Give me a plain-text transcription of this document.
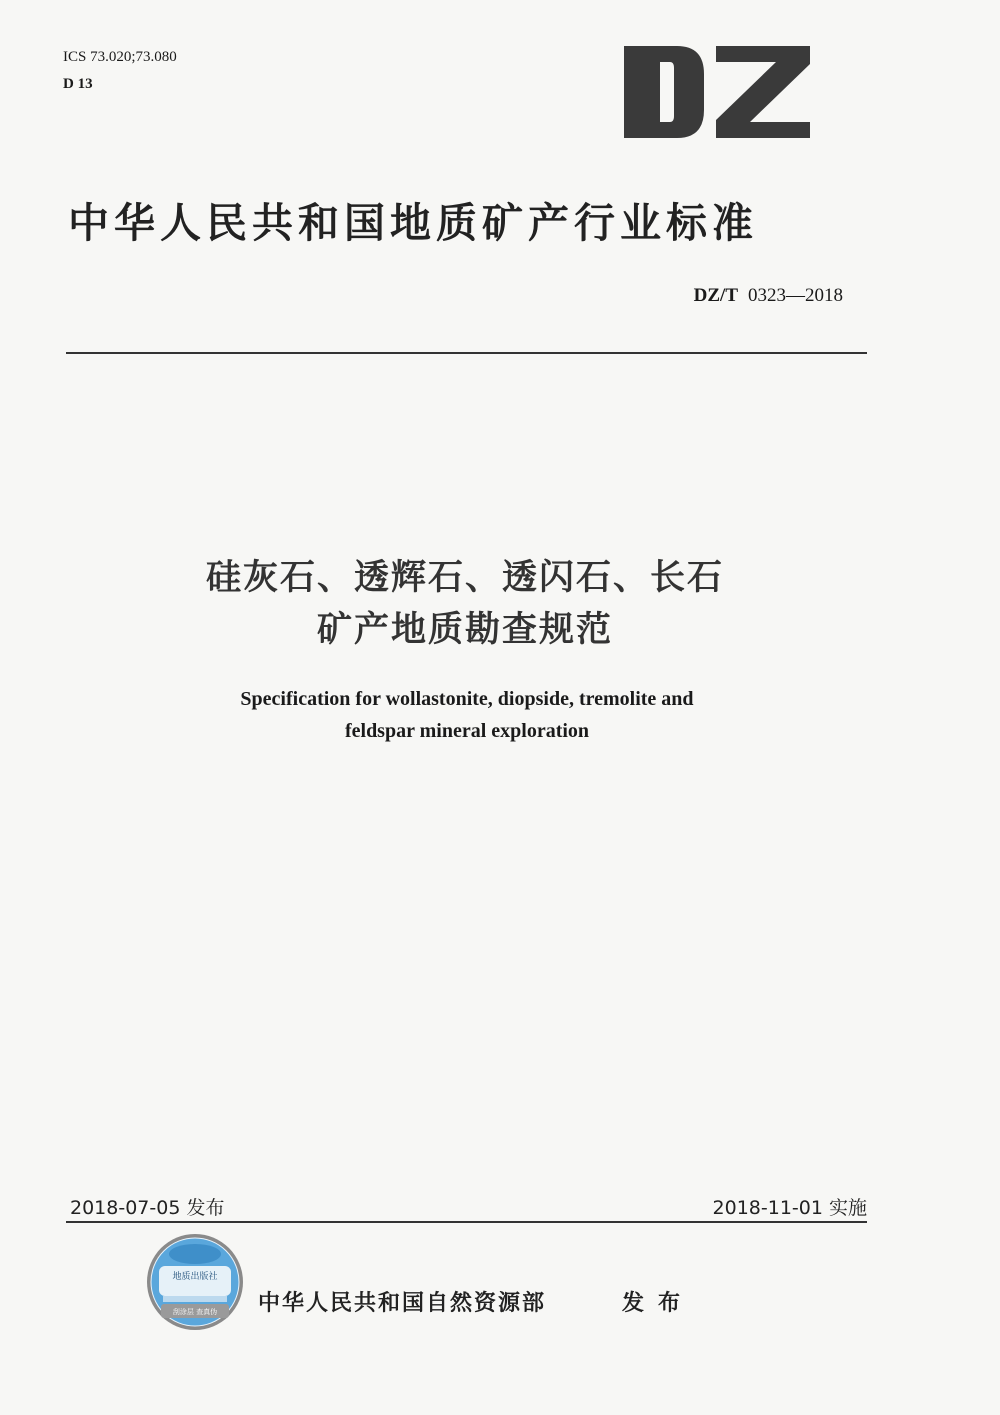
ICS 73.020;73.080
D 13
中华人民共和国地质矿产行业标准
DZ/T 0323—2018
硅灰石、透辉石、透闪石、长石
矿产地质勘查规范
Specification for wollastonite, diopside, tremolite and
feldspar mineral exploration
2018-07-05 发布	2018-11-01 实施
地质出版社
刮涂层 查真伪 中华人民共和国自然资源部	发布
